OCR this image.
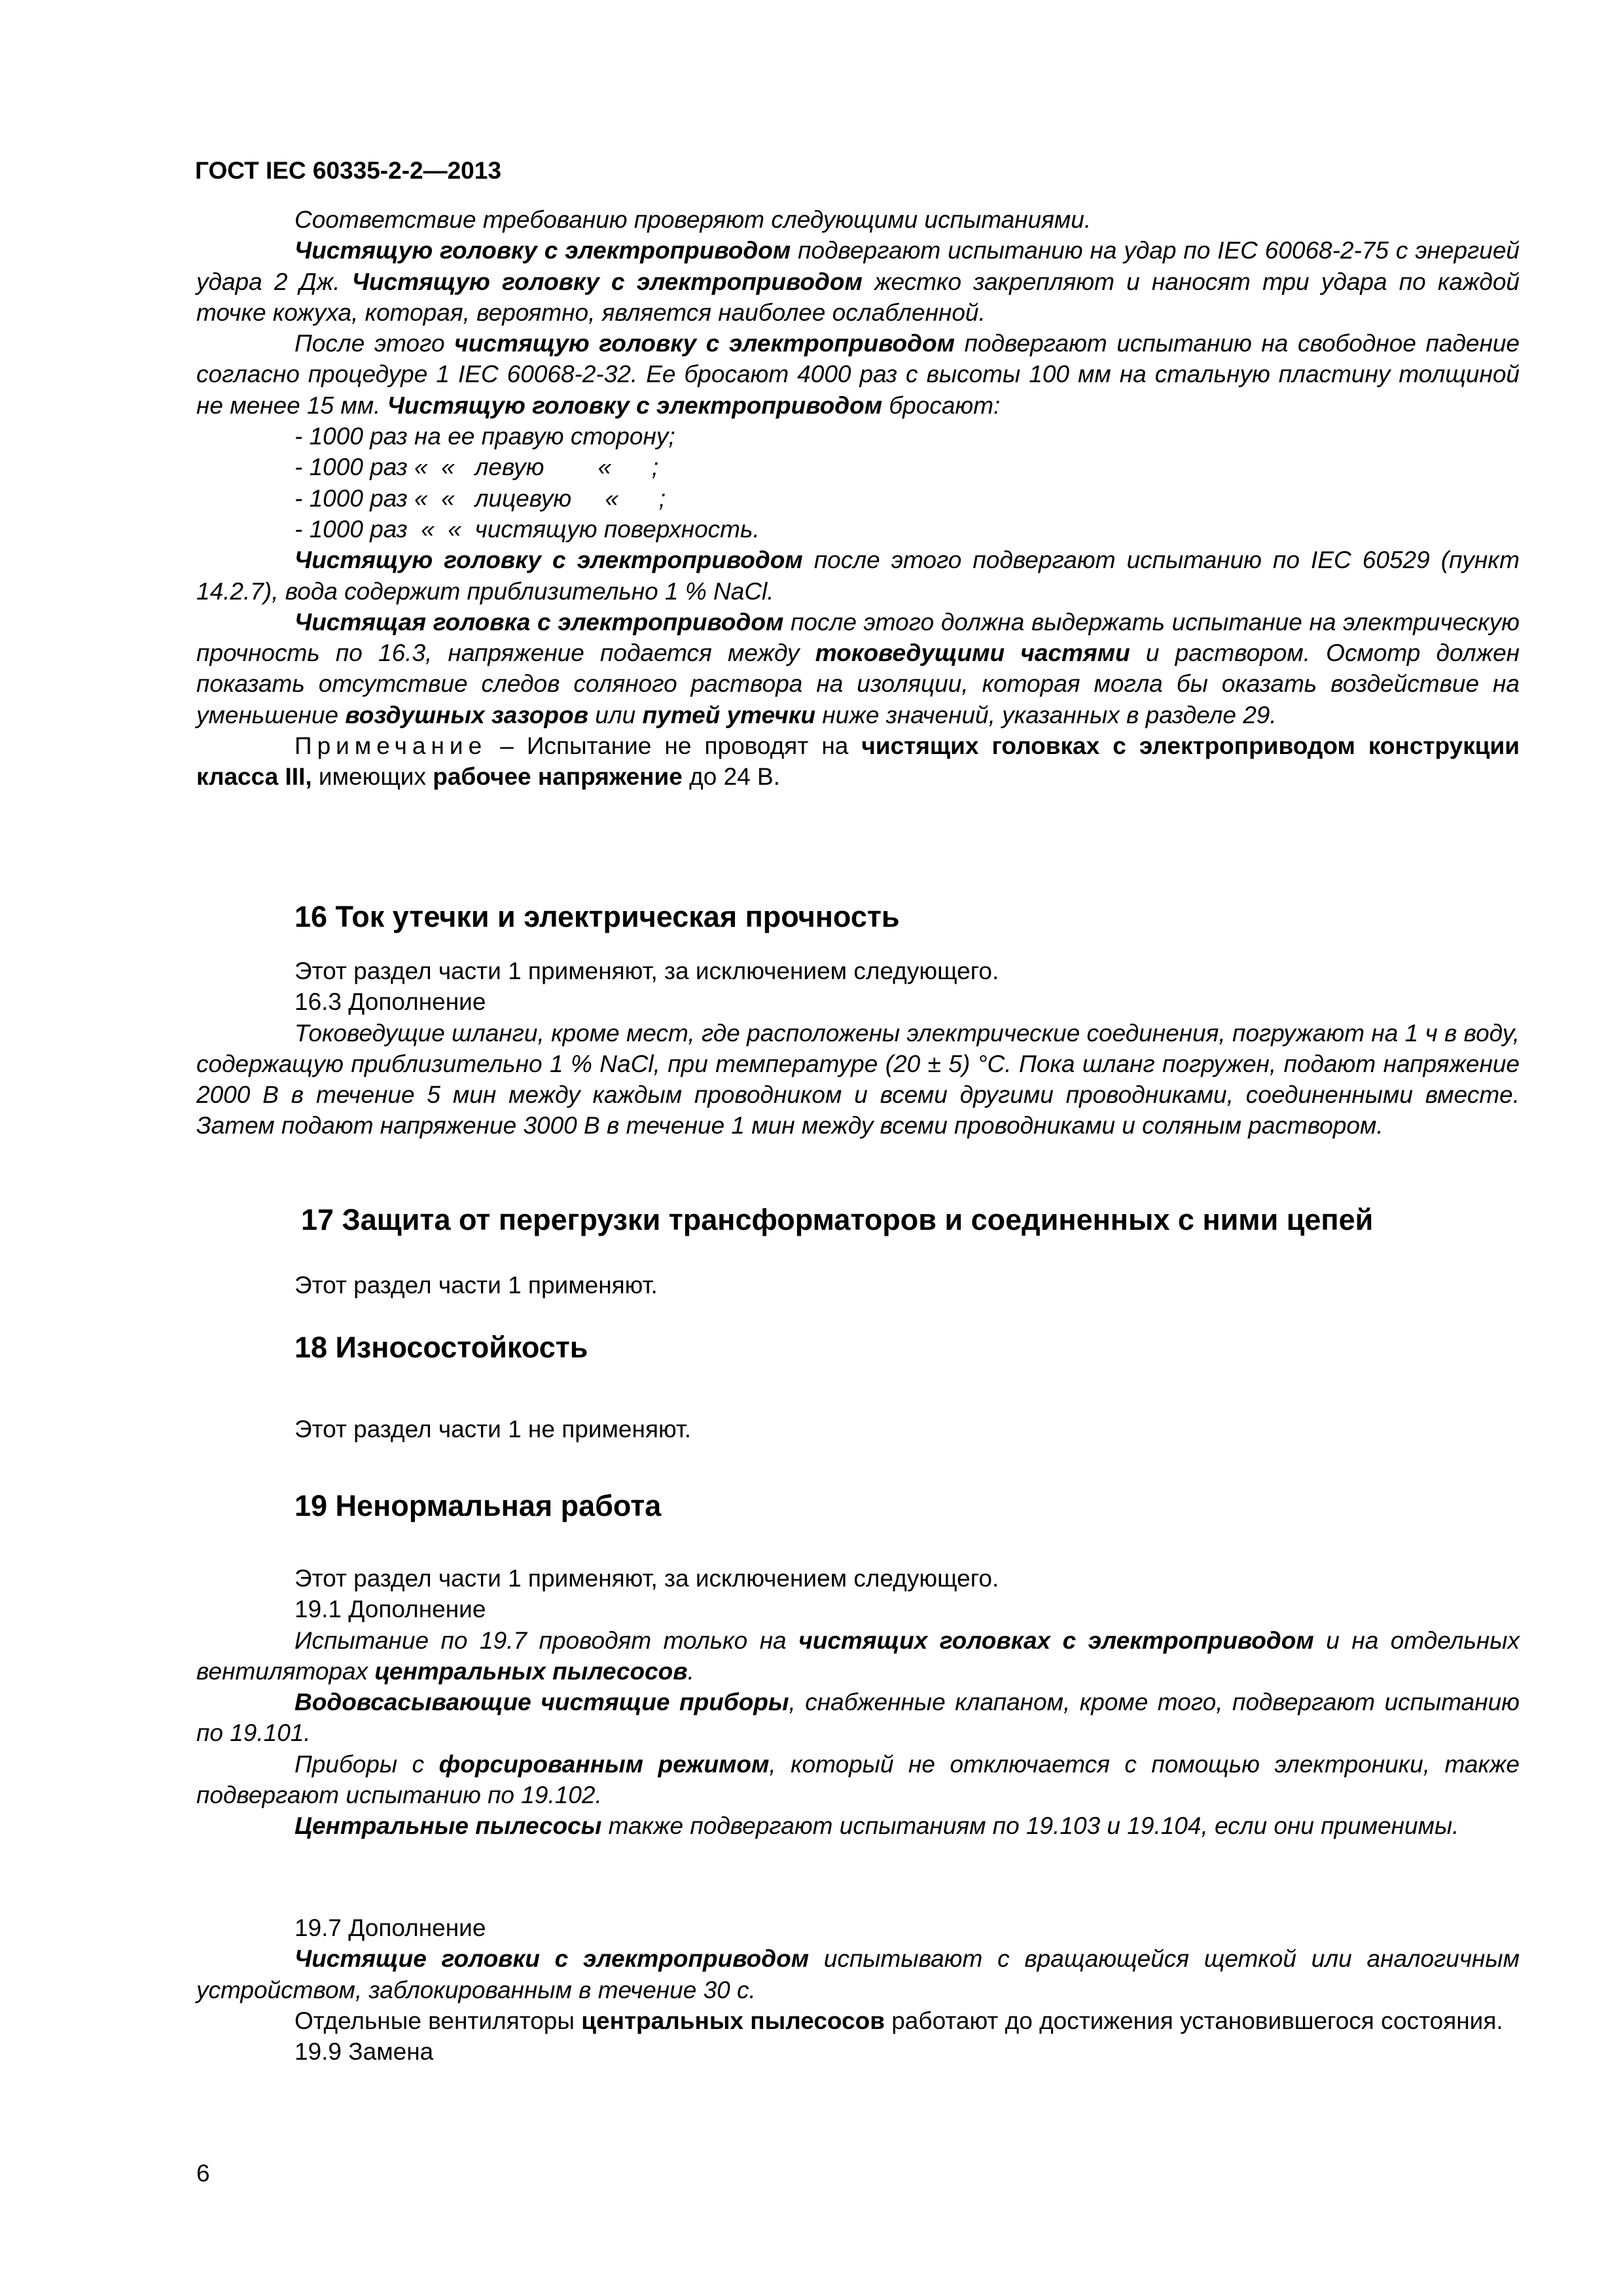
ГОСТ IEC 60335-2-2—2013

Соответствие требованию проверяют следующими испытаниями.

Чистящую головку с электроприводом подвергают испытанию на удар по IEC 60068-2-75 с энергией удара 2 Дж. Чистящую головку с электроприводом жестко закрепляют и наносят три удара по каждой точке кожуха, которая, вероятно, является наиболее ослабленной.

После этого чистящую головку с электроприводом подвергают испытанию на свободное падение согласно процедуре 1 IEC 60068-2-32. Ее бросают 4000 раз с высоты 100 мм на стальную пластину толщиной не менее 15 мм. Чистящую головку с электроприводом бросают:

- 1000 раз на ее правую сторону;

- 1000 раз «  «   левую        «      ;

- 1000 раз «  «   лицевую     «      ;

- 1000 раз  «  «  чистящую поверхность.

Чистящую головку с электроприводом после этого подвергают испытанию по IEC 60529 (пункт 14.2.7), вода содержит приблизительно 1 % NaCl.

Чистящая головка с электроприводом после этого должна выдержать испытание на электрическую прочность по 16.3, напряжение подается между токоведущими частями и раствором. Осмотр должен показать отсутствие следов соляного раствора на изоляции, которая могла бы оказать воздействие на уменьшение воздушных зазоров или путей утечки ниже значений, указанных в разделе 29.

Примечание – Испытание не проводят на чистящих головках с электроприводом конструкции класса III, имеющих рабочее напряжение до 24 В.

16 Ток утечки и электрическая прочность

Этот раздел части 1 применяют, за исключением следующего.

16.3 Дополнение

Токоведущие шланги, кроме мест, где расположены электрические соединения, погружают на 1 ч в воду, содержащую приблизительно 1 % NaCl, при температуре (20 ± 5) °С. Пока шланг погружен, подают напряжение 2000 В в течение 5 мин между каждым проводником и всеми другими проводниками, соединенными вместе. Затем подают напряжение 3000 В в течение 1 мин между всеми проводниками и соляным раствором.

17 Защита от перегрузки трансформаторов и соединенных с ними цепей

Этот раздел части 1 применяют.

18 Износостойкость

Этот раздел части 1 не применяют.

19 Ненормальная работа

Этот раздел части 1 применяют, за исключением следующего.

19.1 Дополнение

Испытание по 19.7 проводят только на чистящих головках с электроприводом и на отдельных вентиляторах центральных пылесосов.

Водовсасывающие чистящие приборы, снабженные клапаном, кроме того, подвергают испытанию по 19.101.

Приборы с форсированным режимом, который не отключается с помощью электроники, также подвергают испытанию по 19.102.

Центральные пылесосы также подвергают испытаниям по 19.103 и 19.104, если они применимы.

19.7 Дополнение

Чистящие головки с электроприводом испытывают с вращающейся щеткой или аналогичным устройством, заблокированным в течение 30 с.

Отдельные вентиляторы центральных пылесосов работают до достижения установившегося состояния.

19.9 Замена

6
